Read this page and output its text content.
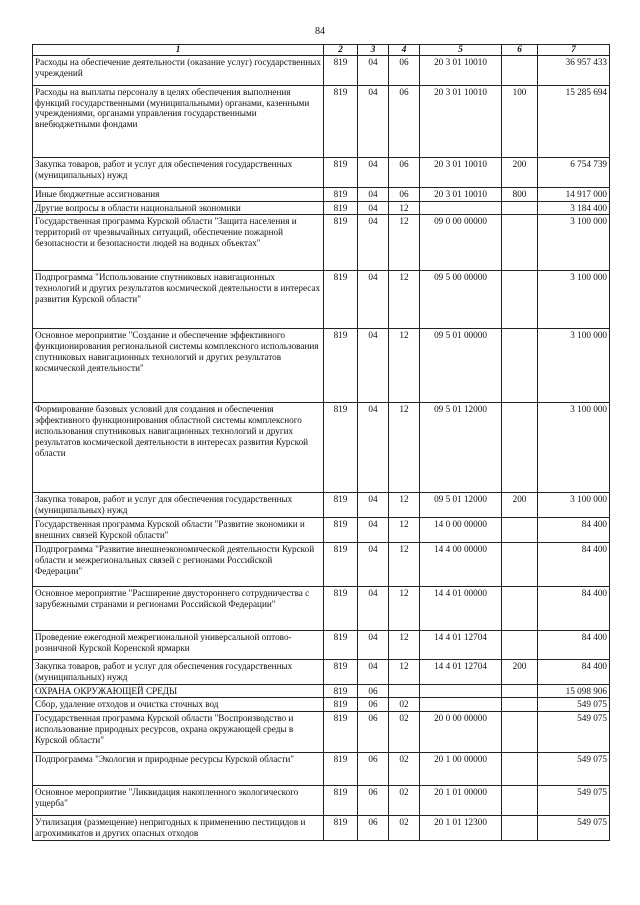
84
1	2	3	4	5	6	7
Расходы на обеспечение деятельности (оказание услуг) государственных учреждений	819	04	06	20 3 01 10010		36 957 433
Расходы на выплаты персоналу в целях обеспечения выполнения функций государственными (муниципальными) органами, казенными учреждениями, органами управления государственными внебюджетными фондами	819	04	06	20 3 01 10010	100	15 285 694
Закупка товаров, работ и услуг для обеспечения государственных (муниципальных) нужд	819	04	06	20 3 01 10010	200	6 754 739
Иные бюджетные ассигнования	819	04	06	20 3 01 10010	800	14 917 000
Другие вопросы в области национальной экономики	819	04	12			3 184 400
Государственная программа Курской области "Защита населения и территорий от чрезвычайных ситуаций, обеспечение пожарной безопасности и безопасности людей на водных объектах"	819	04	12	09 0 00 00000		3 100 000
Подпрограмма "Использование спутниковых навигационных технологий и других результатов космической деятельности в интересах развития Курской области"	819	04	12	09 5 00 00000		3 100 000
Основное мероприятие "Создание и обеспечение эффективного функционирования региональной системы комплексного использования спутниковых навигационных технологий и других результатов космической деятельности"	819	04	12	09 5 01 00000		3 100 000
Формирование базовых условий для создания и обеспечения эффективного функционирования областной системы комплексного использования спутниковых навигационных технологий и других результатов космической деятельности в интересах развития Курской области	819	04	12	09 5 01 12000		3 100 000
Закупка товаров, работ и услуг для обеспечения государственных (муниципальных) нужд	819	04	12	09 5 01 12000	200	3 100 000
Государственная программа Курской области "Развитие экономики и внешних связей Курской области"	819	04	12	14 0 00 00000		84 400
Подпрограмма "Развитие внешнеэкономической деятельности Курской области и межрегиональных связей с регионами Российской Федерации"	819	04	12	14 4 00 00000		84 400
Основное мероприятие "Расширение двустороннего сотрудничества с зарубежными странами и регионами Российской Федерации"	819	04	12	14 4 01 00000		84 400
Проведение ежегодной межрегиональной универсальной оптово-розничной Курской Коренской ярмарки	819	04	12	14 4 01 12704		84 400
Закупка товаров, работ и услуг для обеспечения государственных (муниципальных) нужд	819	04	12	14 4 01 12704	200	84 400
ОХРАНА ОКРУЖАЮЩЕЙ СРЕДЫ	819	06				15 098 906
Сбор, удаление отходов и очистка сточных вод	819	06	02			549 075
Государственная программа Курской области "Воспроизводство и использование природных ресурсов, охрана окружающей среды в Курской области"	819	06	02	20 0 00 00000		549 075
Подпрограмма "Экология и природные ресурсы Курской области"	819	06	02	20 1 00 00000		549 075
Основное мероприятие "Ликвидация накопленного экологического ущерба"	819	06	02	20 1 01 00000		549 075
Утилизация (размещение) непригодных к применению пестицидов и агрохимикатов и других опасных отходов	819	06	02	20 1 01 12300		549 075
